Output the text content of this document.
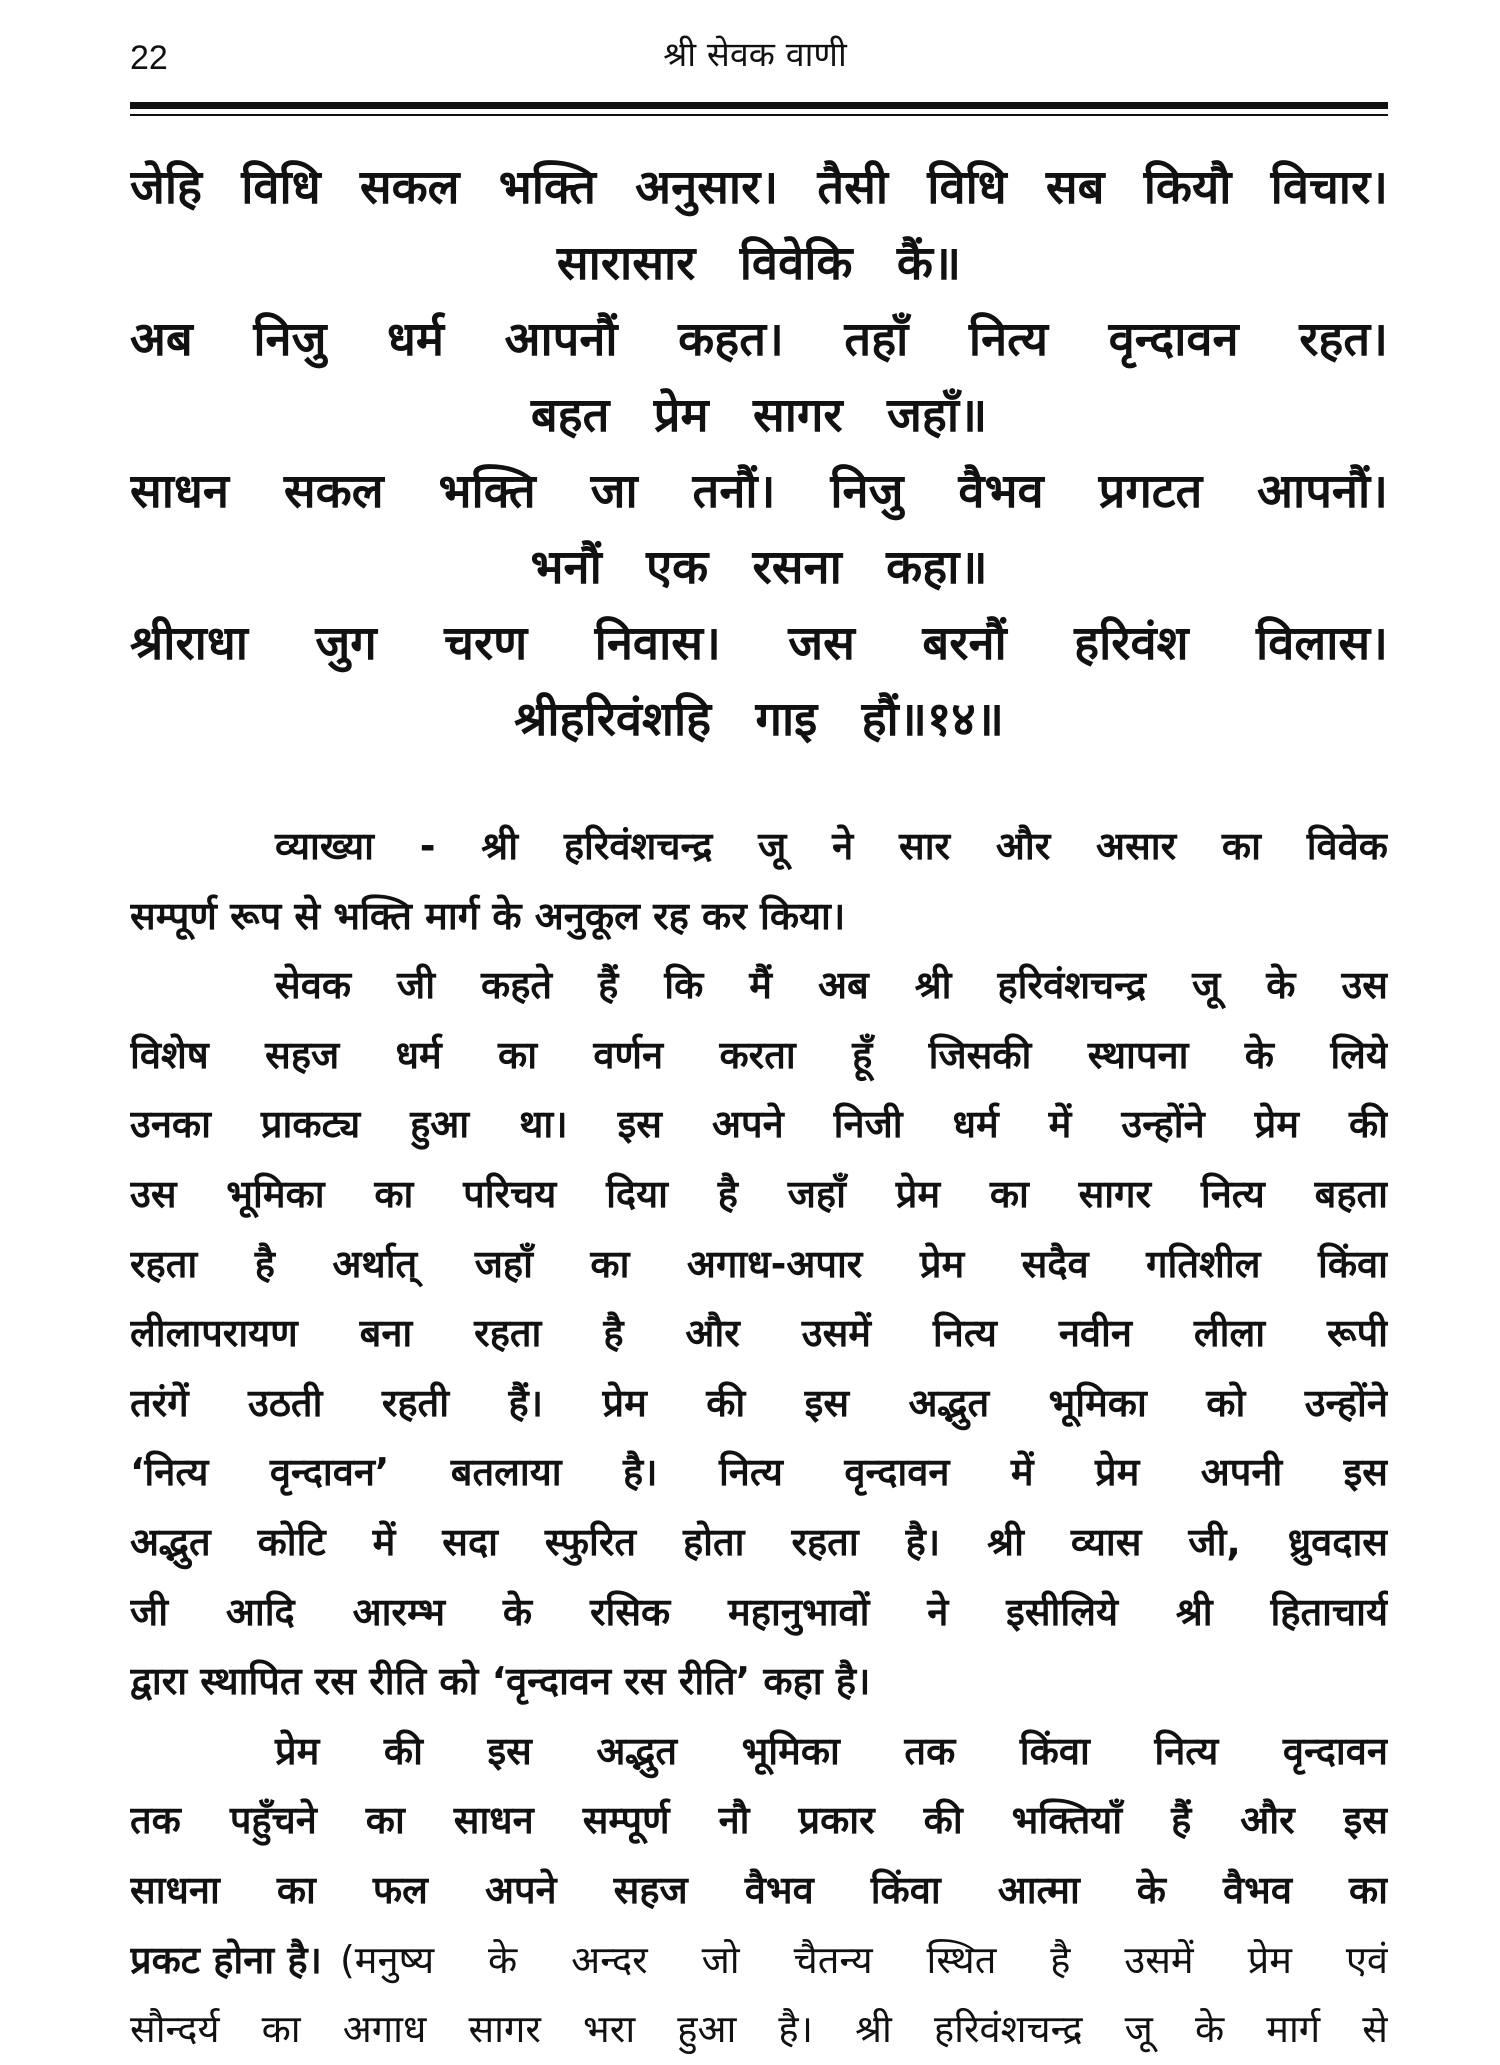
22	श्री सेवक वाणी
जेहि विधि सकल भक्ति अनुसार। तैसी विधि सब कियौ विचार।
सारासार विवेकि कैं॥
अब निजु धर्म आपनौं कहत। तहाँ नित्य वृन्दावन रहत।
बहत प्रेम सागर जहाँ॥
साधन सकल भक्ति जा तनौं। निजु वैभव प्रगटत आपनौं।
भनौं एक रसना कहा॥
श्रीराधा जुग चरण निवास। जस बरनौं हरिवंश विलास।
श्रीहरिवंशहि गाइ हौं॥१४॥
व्याख्या - श्री हरिवंशचन्द्र जू ने सार और असार का विवेक
सम्पूर्ण रूप से भक्ति मार्ग के अनुकूल रह कर किया।
सेवक जी कहते हैं कि मैं अब श्री हरिवंशचन्द्र जू के उस
विशेष सहज धर्म का वर्णन करता हूँ जिसकी स्थापना के लिये
उनका प्राकट्य हुआ था। इस अपने निजी धर्म में उन्होंने प्रेम की
उस भूमिका का परिचय दिया है जहाँ प्रेम का सागर नित्य बहता
रहता है अर्थात् जहाँ का अगाध-अपार प्रेम सदैव गतिशील किंवा
लीलापरायण बना रहता है और उसमें नित्य नवीन लीला रूपी
तरंगें उठती रहती हैं। प्रेम की इस अद्भुत भूमिका को उन्होंने
‘नित्य वृन्दावन’ बतलाया है। नित्य वृन्दावन में प्रेम अपनी इस
अद्भुत कोटि में सदा स्फुरित होता रहता है। श्री व्यास जी, ध्रुवदास
जी आदि आरम्भ के रसिक महानुभावों ने इसीलिये श्री हिताचार्य
द्वारा स्थापित रस रीति को ‘वृन्दावन रस रीति’ कहा है।
प्रेम की इस अद्भुत भूमिका तक किंवा नित्य वृन्दावन
तक पहुँचने का साधन सम्पूर्ण नौ प्रकार की भक्तियाँ हैं और इस
साधना का फल अपने सहज वैभव किंवा आत्मा के वैभव का
प्रकट होना है। (मनुष्य के अन्दर जो चैतन्य स्थित है उसमें प्रेम एवं
सौन्दर्य का अगाध सागर भरा हुआ है। श्री हरिवंशचन्द्र जू के मार्ग से
